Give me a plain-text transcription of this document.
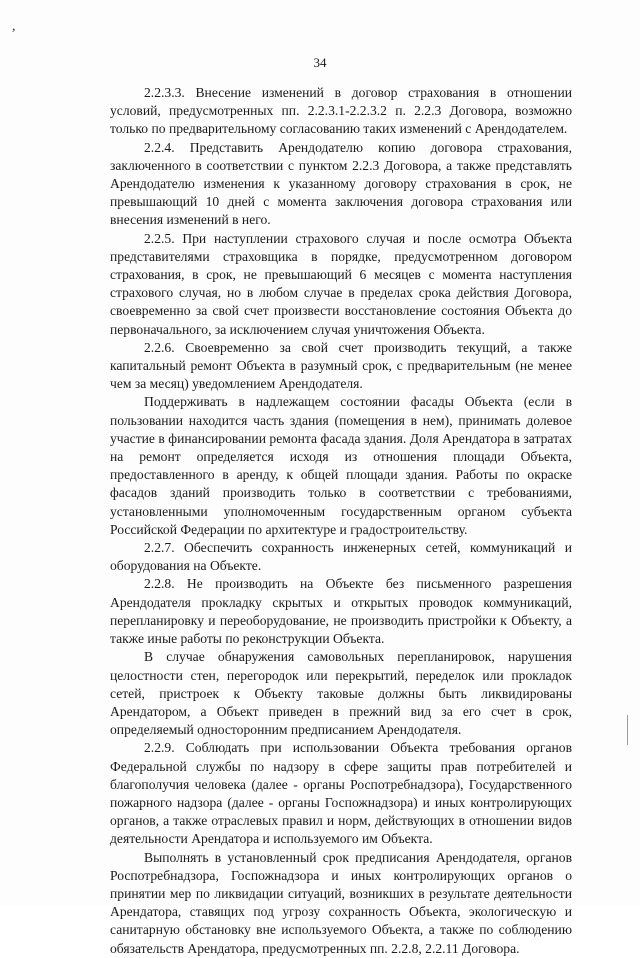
,
34

2.2.3.3. Внесение изменений в договор страхования в отношении условий, предусмотренных пп. 2.2.3.1-2.2.3.2 п. 2.2.3 Договора, возможно только по предварительному согласованию таких изменений с Арендодателем.

2.2.4. Представить Арендодателю копию договора страхования, заключенного в соответствии с пунктом 2.2.3 Договора, а также представлять Арендодателю изменения к указанному договору страхования в срок, не превышающий 10 дней с момента заключения договора страхования или внесения изменений в него.

2.2.5. При наступлении страхового случая и после осмотра Объекта представителями страховщика в порядке, предусмотренном договором страхования, в срок, не превышающий 6 месяцев с момента наступления страхового случая, но в любом случае в пределах срока действия Договора, своевременно за свой счет произвести восстановление состояния Объекта до первоначального, за исключением случая уничтожения Объекта.

2.2.6. Своевременно за свой счет производить текущий, а также капитальный ремонт Объекта в разумный срок, с предварительным (не менее чем за месяц) уведомлением Арендодателя.

Поддерживать в надлежащем состоянии фасады Объекта (если в пользовании находится часть здания (помещения в нем), принимать долевое участие в финансировании ремонта фасада здания. Доля Арендатора в затратах на ремонт определяется исходя из отношения площади Объекта, предоставленного в аренду, к общей площади здания. Работы по окраске фасадов зданий производить только в соответствии с требованиями, установленными уполномоченным государственным органом субъекта Российской Федерации по архитектуре и градостроительству.

2.2.7. Обеспечить сохранность инженерных сетей, коммуникаций и оборудования на Объекте.

2.2.8. Не производить на Объекте без письменного разрешения Арендодателя прокладку скрытых и открытых проводок коммуникаций, перепланировку и переоборудование, не производить пристройки к Объекту, а также иные работы по реконструкции Объекта.

В случае обнаружения самовольных перепланировок, нарушения целостности стен, перегородок или перекрытий, переделок или прокладок сетей, пристроек к Объекту таковые должны быть ликвидированы Арендатором, а Объект приведен в прежний вид за его счет в срок, определяемый односторонним предписанием Арендодателя.

2.2.9. Соблюдать при использовании Объекта требования органов Федеральной службы по надзору в сфере защиты прав потребителей и благополучия человека (далее - органы Роспотребнадзора), Государственного пожарного надзора (далее - органы Госпожнадзора) и иных контролирующих органов, а также отраслевых правил и норм, действующих в отношении видов деятельности Арендатора и используемого им Объекта.

Выполнять в установленный срок предписания Арендодателя, органов Роспотребнадзора, Госпожнадзора и иных контролирующих органов о принятии мер по ликвидации ситуаций, возникших в результате деятельности Арендатора, ставящих под угрозу сохранность Объекта, экологическую и санитарную обстановку вне используемого Объекта, а также по соблюдению обязательств Арендатора, предусмотренных пп. 2.2.8, 2.2.11 Договора.
